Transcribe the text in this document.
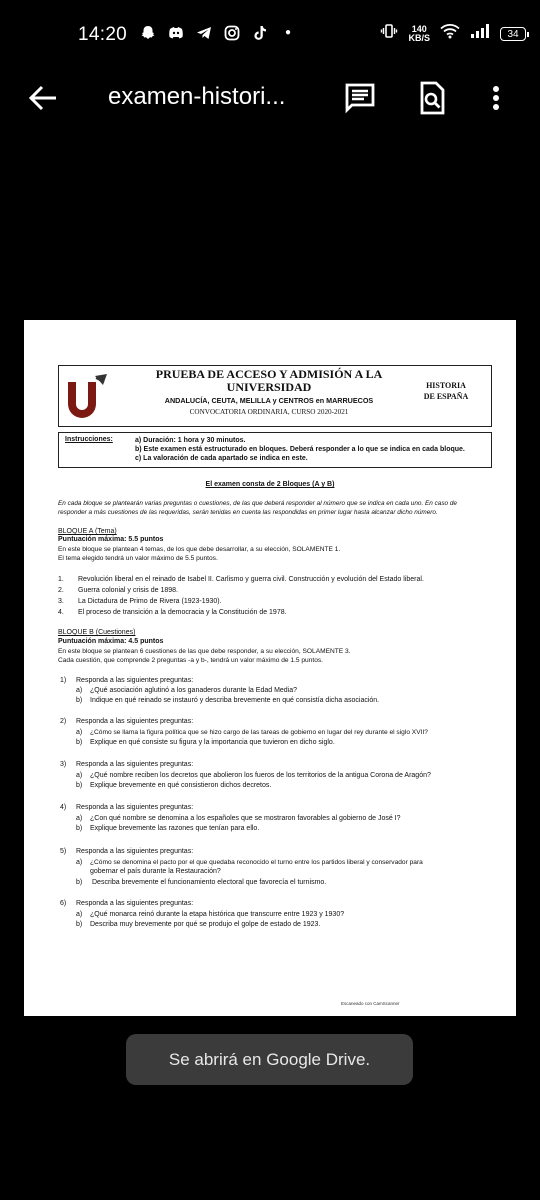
14:20	●	140
KB/S	34
examen-histori...
PRUEBA DE ACCESO Y ADMISIÓN A LA
UNIVERSIDAD
ANDALUCÍA, CEUTA, MELILLA y CENTROS en MARRUECOS
CONVOCATORIA ORDINARIA, CURSO 2020-2021
HISTORIA
DE ESPAÑA
Instrucciones:	a) Duración: 1 hora y 30 minutos.
b) Este examen está estructurado en bloques. Deberá responder a lo que se indica en cada bloque.
c) La valoración de cada apartado se indica en este.
El examen consta de 2 Bloques (A y B)
En cada bloque se plantearán varias preguntas o cuestiones, de las que deberá responder al número que se indica en cada uno. En caso de
responder a más cuestiones de las requeridas, serán tenidas en cuenta las respondidas en primer lugar hasta alcanzar dicho número.
BLOQUE A (Tema)
Puntuación máxima: 5.5 puntos
En este bloque se plantean 4 temas, de los que debe desarrollar, a su elección, SOLAMENTE 1.
El tema elegido tendrá un valor máximo de 5.5 puntos.
1. Revolución liberal en el reinado de Isabel II. Carlismo y guerra civil. Construcción y evolución del Estado liberal.
2. Guerra colonial y crisis de 1898.
3. La Dictadura de Primo de Rivera (1923-1930).
4. El proceso de transición a la democracia y la Constitución de 1978.
BLOQUE B (Cuestiones)
Puntuación máxima: 4.5 puntos
En este bloque se plantean 6 cuestiones de las que debe responder, a su elección, SOLAMENTE 3.
Cada cuestión, que comprende 2 preguntas -a y b-, tendrá un valor máximo de 1.5 puntos.
1) Responda a las siguientes preguntas:
a) ¿Qué asociación aglutinó a los ganaderos durante la Edad Media?
b) Indique en qué reinado se instauró y describa brevemente en qué consistía dicha asociación.
2) Responda a las siguientes preguntas:
a) ¿Cómo se llama la figura política que se hizo cargo de las tareas de gobierno en lugar del rey durante el siglo XVII?
b) Explique en qué consiste su figura y la importancia que tuvieron en dicho siglo.
3) Responda a las siguientes preguntas:
a) ¿Qué nombre reciben los decretos que abolieron los fueros de los territorios de la antigua Corona de Aragón?
b) Explique brevemente en qué consistieron dichos decretos.
4) Responda a las siguientes preguntas:
a) ¿Con qué nombre se denomina a los españoles que se mostraron favorables al gobierno de José I?
b) Explique brevemente las razones que tenían para ello.
5) Responda a las siguientes preguntas:
a) ¿Cómo se denomina el pacto por el que quedaba reconocido el turno entre los partidos liberal y conservador para
gobernar el país durante la Restauración?
b) Describa brevemente el funcionamiento electoral que favorecía el turnismo.
6) Responda a las siguientes preguntas:
a) ¿Qué monarca reinó durante la etapa histórica que transcurre entre 1923 y 1930?
b) Describa muy brevemente por qué se produjo el golpe de estado de 1923.
Escaneado con CamScanner
Se abrirá en Google Drive.
